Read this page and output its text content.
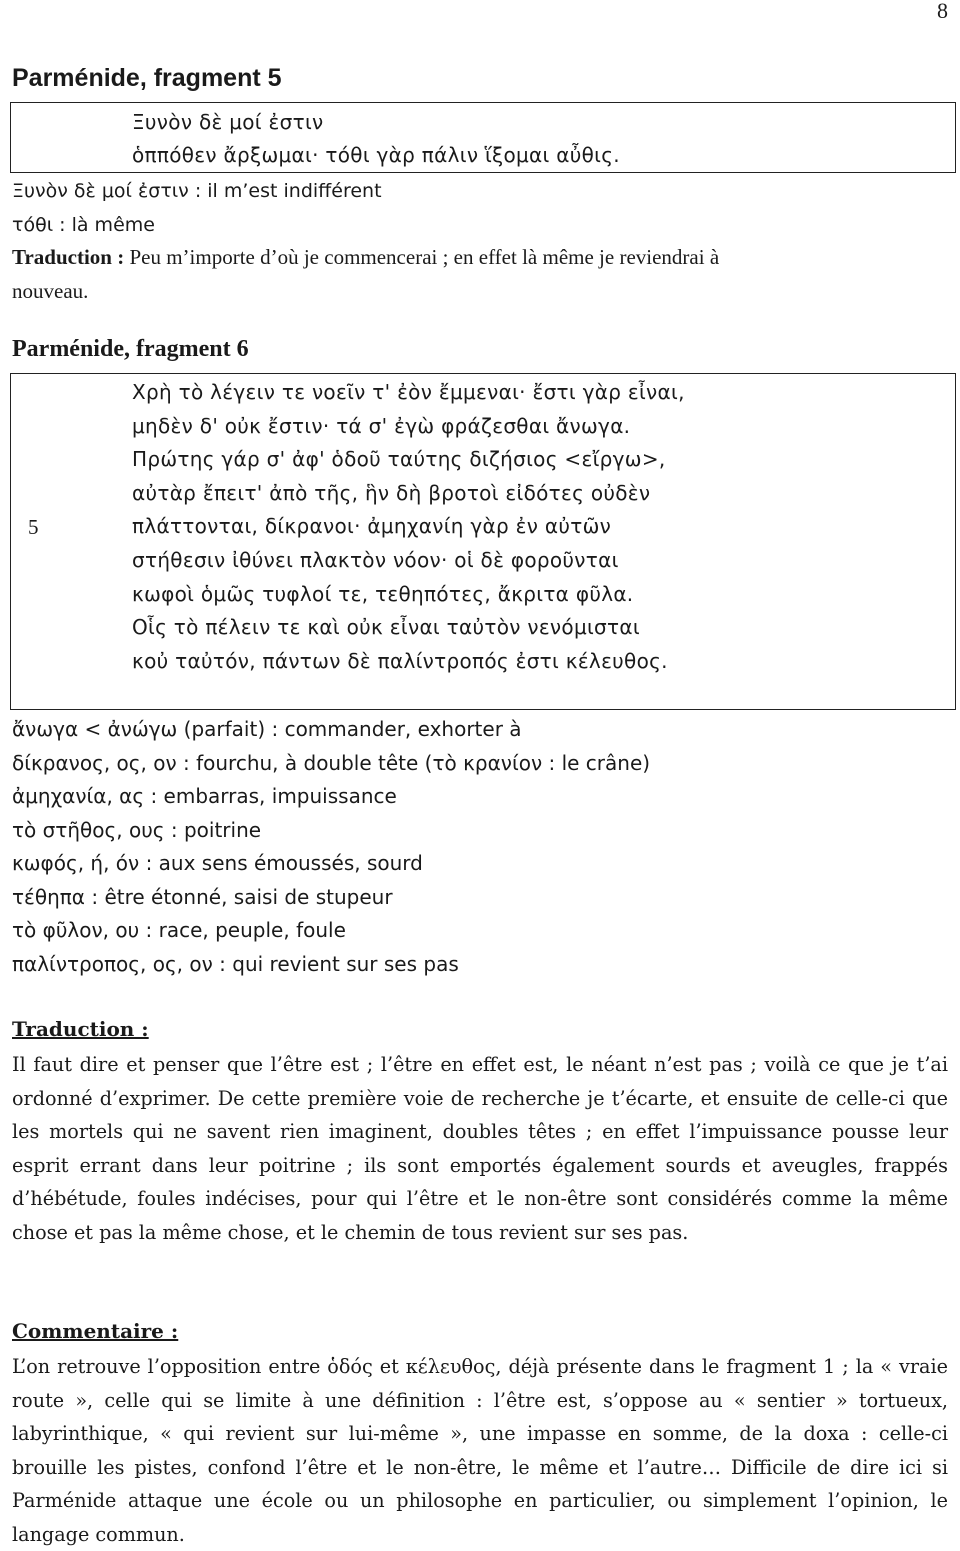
8
Parménide, fragment 5

Ξυνὸν δὲ μοί ἐστιν

ὁππόθεν ἄρξωμαι· τόθι γὰρ πάλιν ἵξομαι αὖθις.

Ξυνὸν δὲ μοί ἐστιν : il m’est indifférent

τόθι : là même

Traduction : Peu m’importe d’où je commencerai ; en effet là même je reviendrai à

nouveau.

Parménide, fragment 6
5

Χρὴ τὸ λέγειν τε νοεῖν τ' ἐὸν ἔμμεναι· ἔστι γὰρ εἶναι,

μηδὲν δ' οὐκ ἔστιν· τά σ' ἐγὼ φράζεσθαι ἄνωγα.

Πρώτης γάρ σ' ἀφ' ὁδοῦ ταύτης διζήσιος <εἴργω>,

αὐτὰρ ἔπειτ' ἀπὸ τῆς, ἣν δὴ βροτοὶ εἰδότες οὐδὲν

πλάττονται, δίκρανοι· ἀμηχανίη γὰρ ἐν αὐτῶν

στήθεσιν ἰθύνει πλακτὸν νόον· οἱ δὲ φοροῦνται

κωφοὶ ὁμῶς τυφλοί τε, τεθηπότες, ἄκριτα φῦλα.

Οἷς τὸ πέλειν τε καὶ οὐκ εἶναι ταὐτὸν νενόμισται

κοὐ ταὐτόν, πάντων δὲ παλίντροπός ἐστι κέλευθος.

ἄνωγα < ἀνώγω (parfait) : commander, exhorter à

δίκρανος, ος, ον : fourchu, à double tête (τὸ κρανίον : le crâne)

ἀμηχανία, ας : embarras, impuissance

τὸ στῆθος, ους : poitrine

κωφός, ή, όν : aux sens émoussés, sourd

τέθηπα : être étonné, saisi de stupeur

τὸ φῦλον, ου : race, peuple, foule

παλίντροπος, ος, ον : qui revient sur ses pas

Traduction :

Il faut dire et penser que l’être est ; l’être en effet est, le néant n’est pas ; voilà ce que je t’ai ordonné d’exprimer. De cette première voie de recherche je t’écarte, et ensuite de celle-ci que les mortels qui ne savent rien imaginent, doubles têtes ; en effet l’impuissance pousse leur esprit errant dans leur poitrine ; ils sont emportés également sourds et aveugles, frappés d’hébétude, foules indécises, pour qui l’être et le non-être sont considérés comme la même chose et pas la même chose, et le chemin de tous revient sur ses pas.

Commentaire :

L’on retrouve l’opposition entre ὁδός et κέλευθος, déjà présente dans le fragment 1 ; la « vraie route », celle qui se limite à une définition : l’être est, s’oppose au « sentier » tortueux, labyrinthique, « qui revient sur lui-même », une impasse en somme, de la doxa : celle-ci brouille les pistes, confond l’être et le non-être, le même et l’autre… Difficile de dire ici si Parménide attaque une école ou un philosophe en particulier, ou simplement l’opinion, le langage commun.
